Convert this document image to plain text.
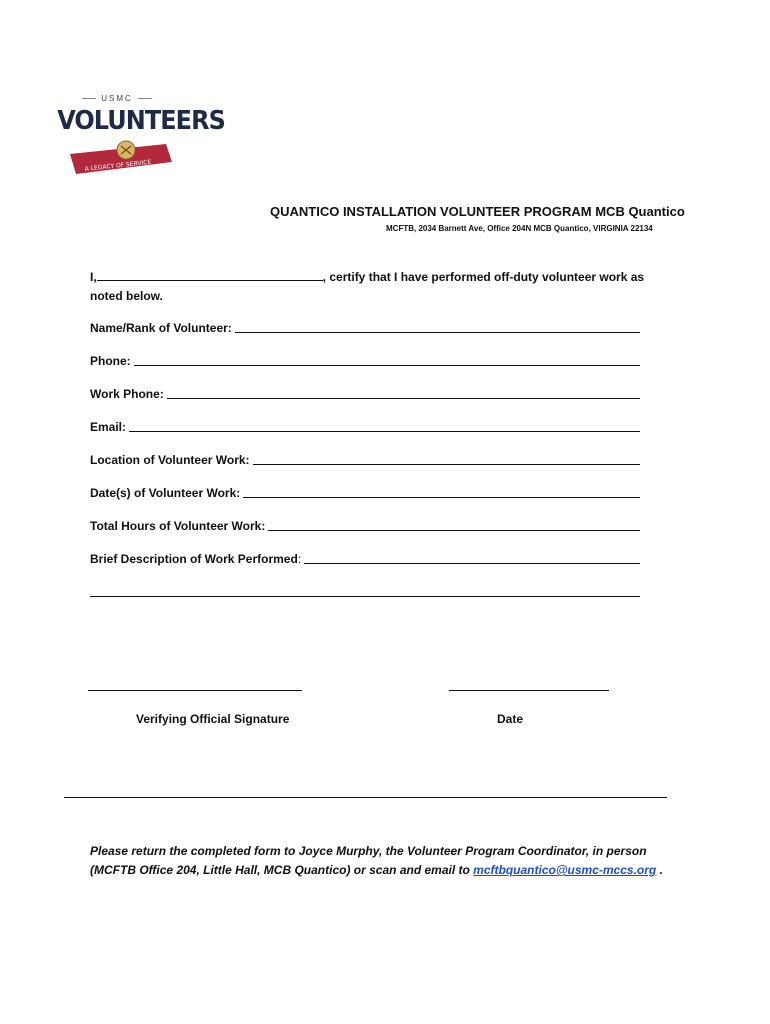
USMC
VOLUNTEERS
A LEGACY OF SERVICE
QUANTICO INSTALLATION VOLUNTEER PROGRAM MCB Quantico
MCFTB, 2034 Barnett Ave, Office 204N MCB Quantico, VIRGINIA 22134
I,	, certify that I have performed off-duty volunteer work as
noted below.
Name/Rank of Volunteer:
Phone:
Work Phone:
Email:
Location of Volunteer Work:
Date(s) of Volunteer Work:
Total Hours of Volunteer Work:
Brief Description of Work Performed:
Verifying Official Signature	Date
Please return the completed form to Joyce Murphy, the Volunteer Program Coordinator, in person (MCFTB Office 204, Little Hall, MCB Quantico) or scan and email to mcftbquantico@usmc-mccs.org .
